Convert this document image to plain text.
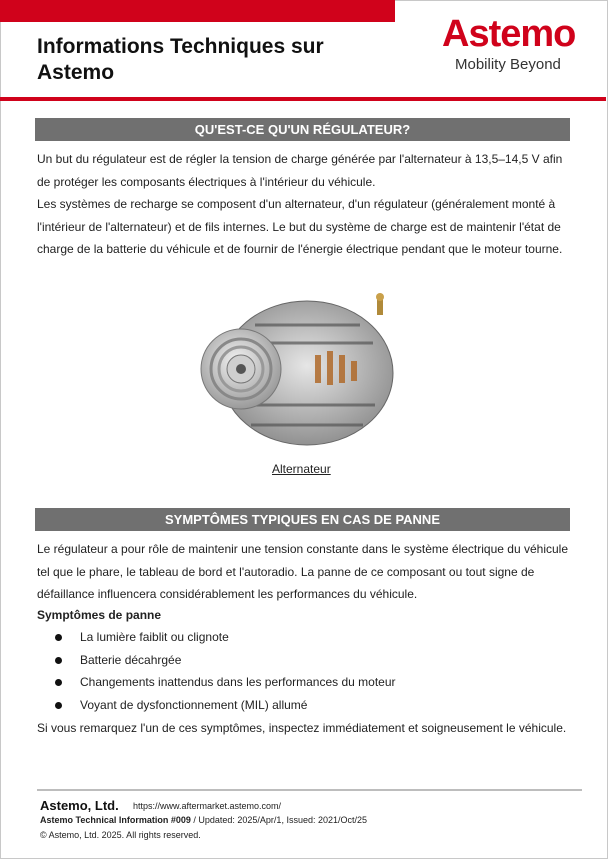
Informations Techniques sur
Astemo
Astemo
Mobility Beyond
QU'EST-CE QU'UN RÉGULATEUR?
Un but du régulateur est de régler la tension de charge générée par l'alternateur à 13,5–14,5 V afin
de protéger les composants électriques à l'intérieur du véhicule.
Les systèmes de recharge se composent d'un alternateur, d'un régulateur (généralement monté à
l'intérieur de l'alternateur) et de fils internes. Le but du système de charge est de maintenir l'état de
charge de la batterie du véhicule et de fournir de l'énergie électrique pendant que le moteur tourne.
Alternateur
SYMPTÔMES TYPIQUES EN CAS DE PANNE
Le régulateur a pour rôle de maintenir une tension constante dans le système électrique du véhicule
tel que le phare, le tableau de bord et l'autoradio. La panne de ce composant ou tout signe de
défaillance influencera considérablement les performances du véhicule.
Symptômes de panne
La lumière faiblit ou clignote
Batterie décahrgée
Changements inattendus dans les performances du moteur
Voyant de dysfonctionnement (MIL) allumé
Si vous remarquez l'un de ces symptômes, inspectez immédiatement et soigneusement le véhicule.
Astemo, Ltd. https://www.aftermarket.astemo.com/
Astemo Technical Information #009 / Updated: 2025/Apr/1, Issued: 2021/Oct/25
© Astemo, Ltd. 2025. All rights reserved.
